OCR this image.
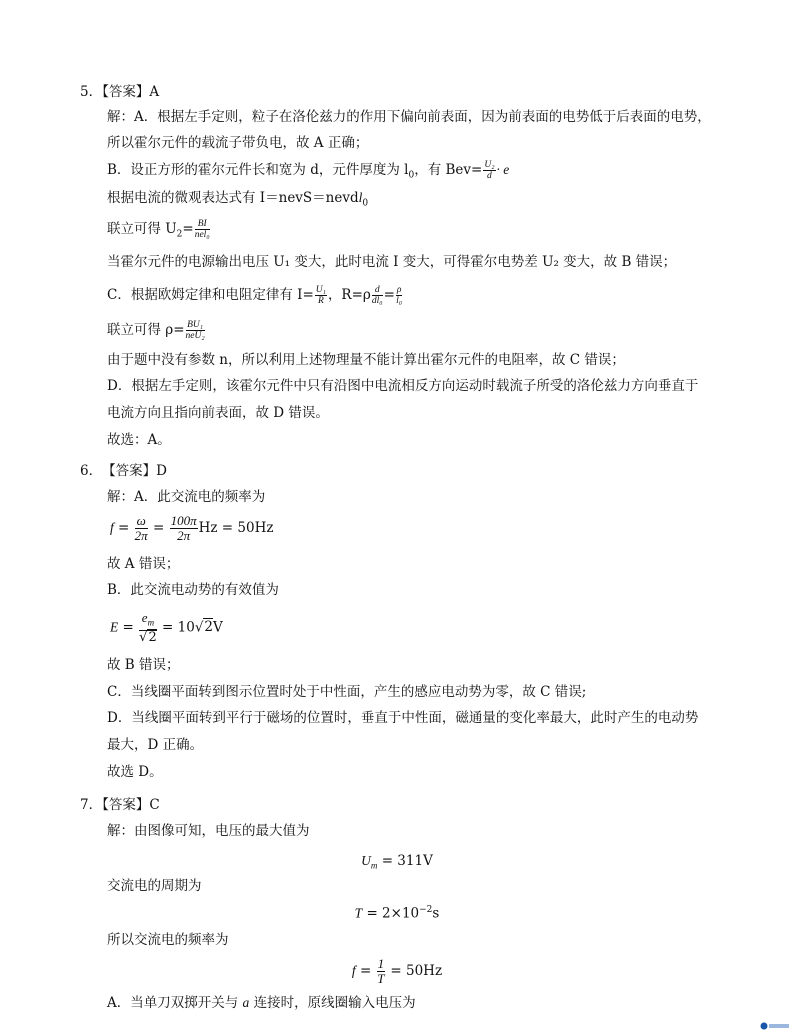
5．【答案】A
解：A．根据左手定则，粒子在洛伦兹力的作用下偏向前表面，因为前表面的电势低于后表面的电势，
所以霍尔元件的载流子带负电，故 A 正确；
B．设正方形的霍尔元件长和宽为 d，元件厚度为 $l_0$，有 $Bev= \frac{\text{U₂}}{d} \cdot e$
根据电流的微观表达式有 I＝nevS＝nevdl$_0$
联立可得 $U_2= \frac{BI}{\text{nel₀}}$
当霍尔元件的电源输出电压 U₁ 变大，此时电流 I 变大，可得霍尔电势差 U₂ 变大，故 B 错误；
C．根据欧姆定律和电阻定律有 $I= \frac{\text{U₁}}{R}$ ，$R=\rho \frac{d}{\text{dl₀}} = \frac{\rho}{\text{l₀}}$
联立可得 $\rho= \frac{\text{BU₁}}{\text{neU₂}}$
由于题中没有参数 n，所以利用上述物理量不能计算出霍尔元件的电阻率，故 C 错误；
D．根据左手定则，该霍尔元件中只有沿图中电流相反方向运动时载流子所受的洛伦兹力方向垂直于
电流方向且指向前表面，故 D 错误。
故选：A。
6．　【答案】D
解：A．此交流电的频率为
$f = \frac{\omega}{2\pi} = \frac{100\pi}{2\pi}$ Hz = 50Hz
故 A 错误；
B．此交流电动势的有效值为
$E = \frac{e_m}{√2} = 10√2V$
故 B 错误；
C．当线圈平面转到图示位置时处于中性面，产生的感应电动势为零，故 C 错误;
D．当线圈平面转到平行于磁场的位置时，垂直于中性面，磁通量的变化率最大，此时产生的电动势
最大，D 正确。
故选 D。
7．【答案】C
解：由图像可知，电压的最大值为
$U_m = 311V$
交流电的周期为
$T = 2\times 10^{-2}s$
所以交流电的频率为
$f = \frac{1}{T} = 50Hz$
A．当单刀双掷开关与 a 连接时，原线圈输入电压为
